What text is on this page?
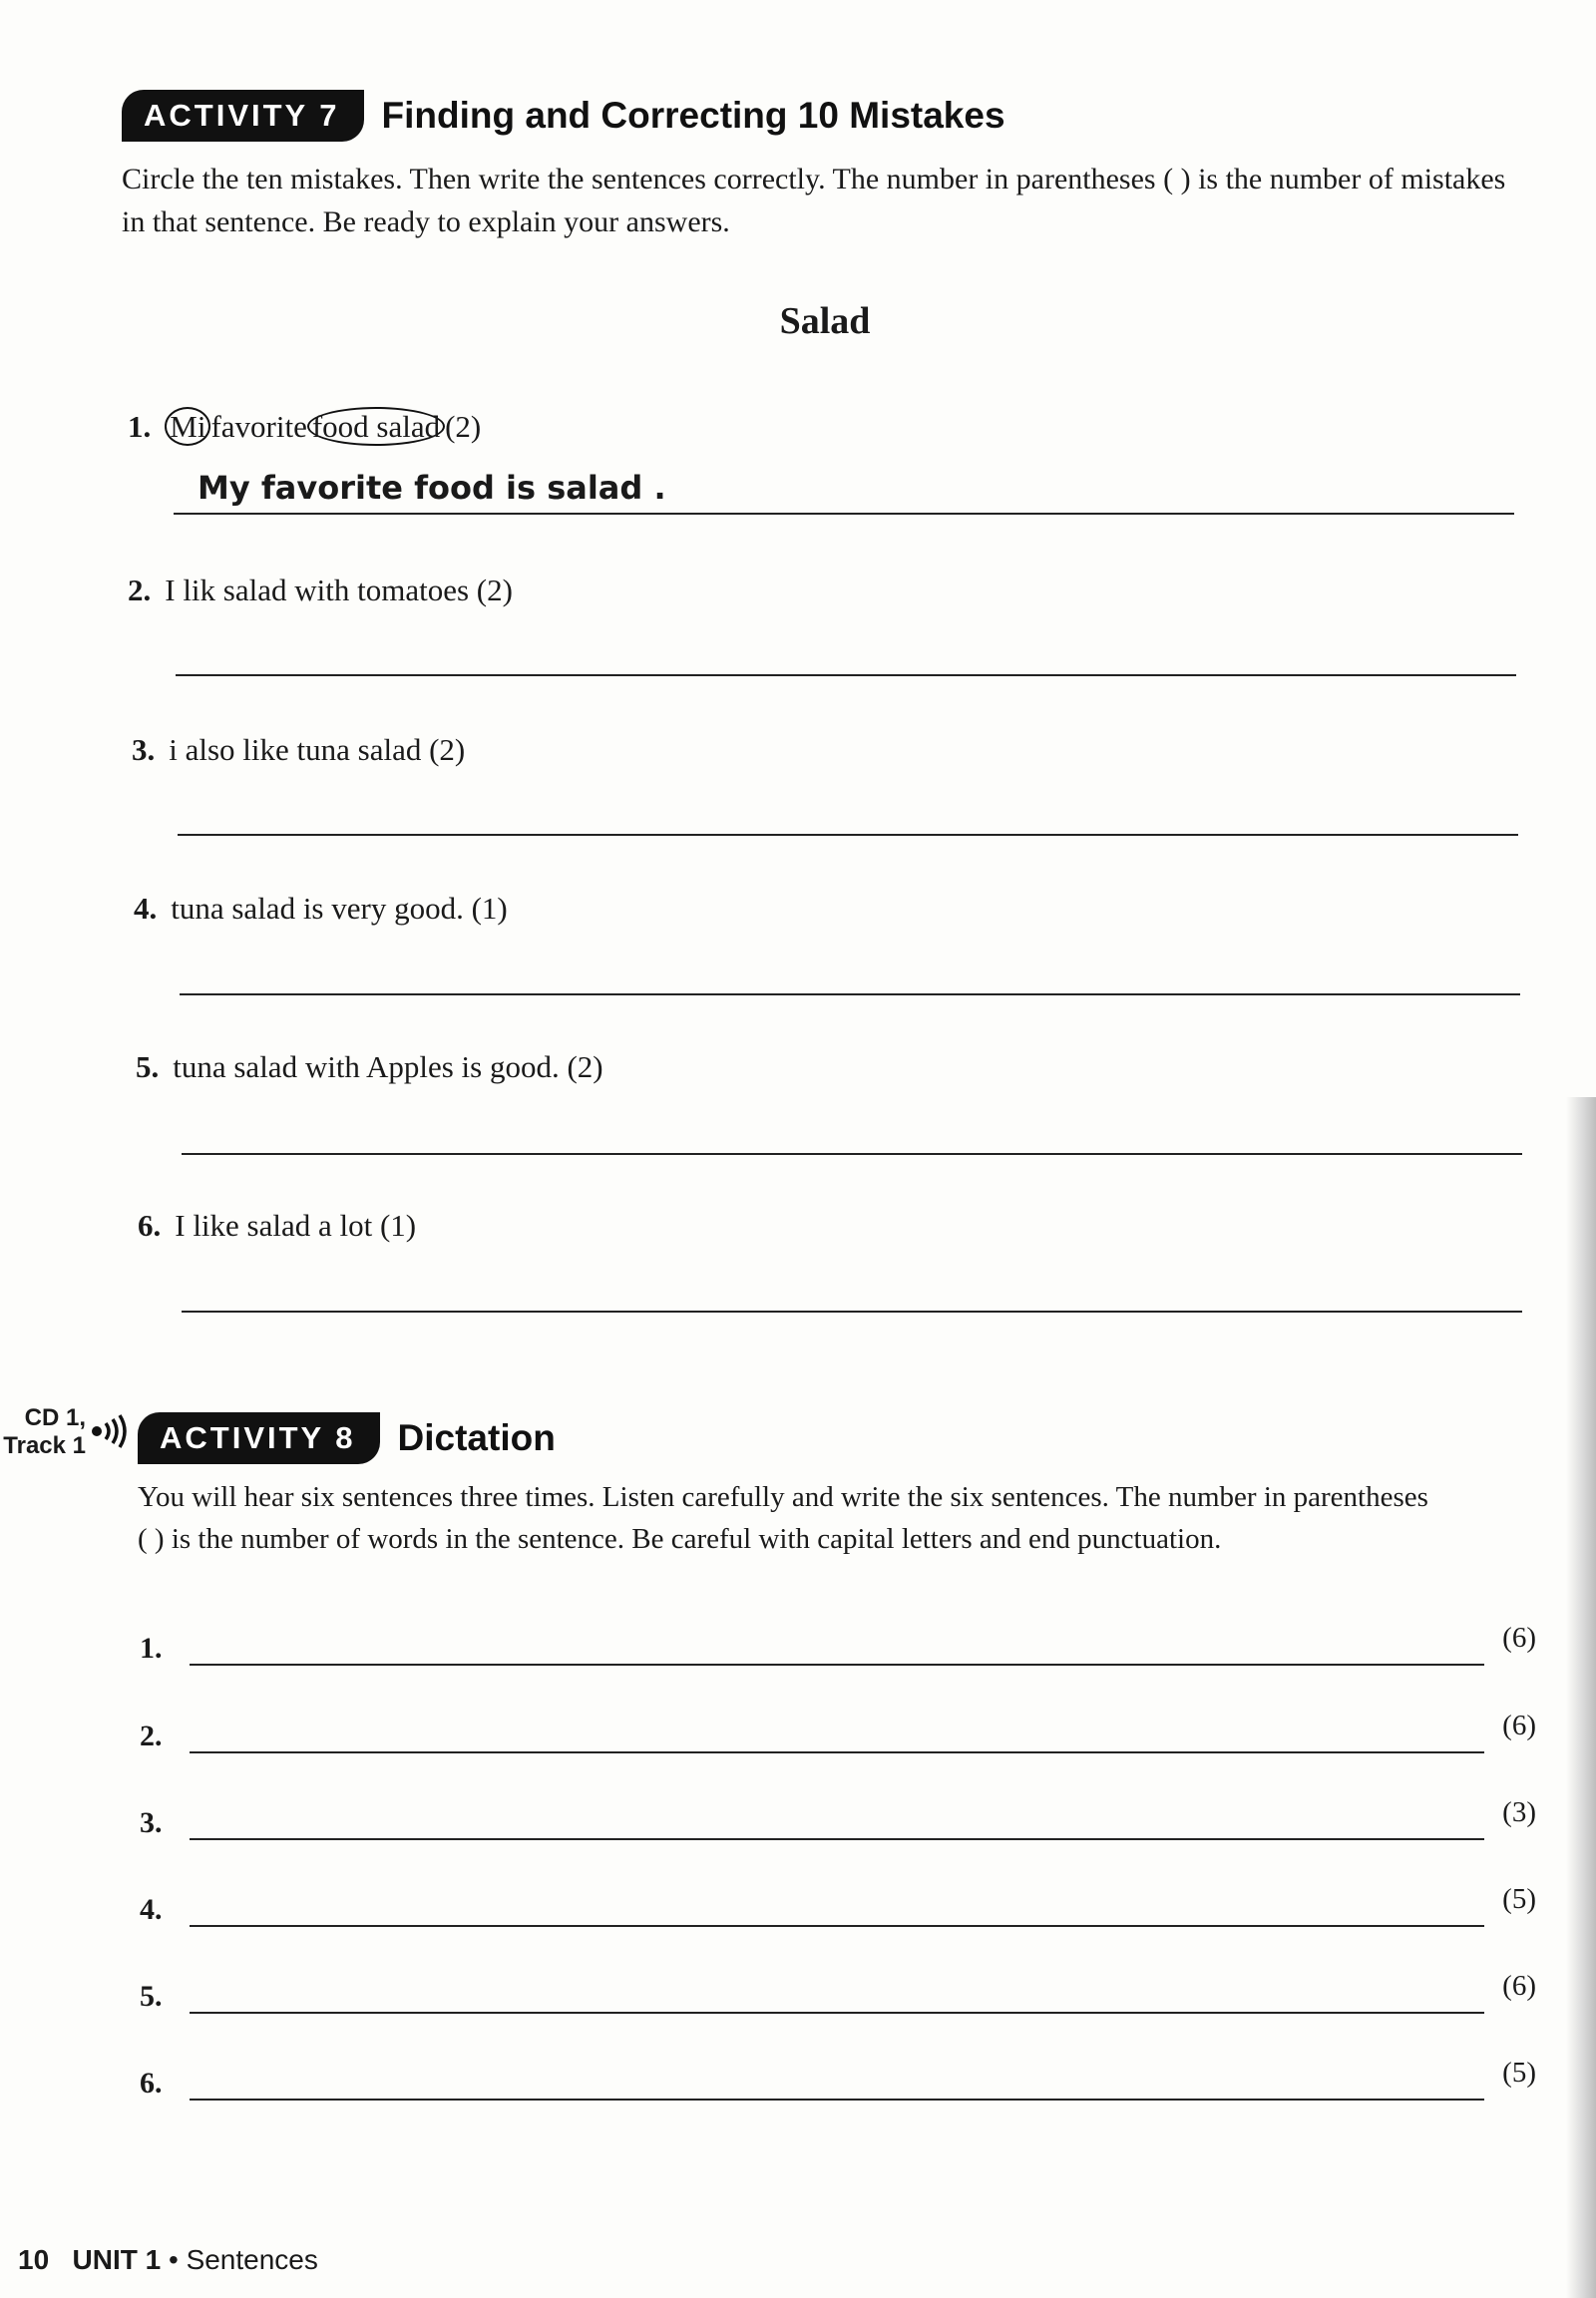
ACTIVITY 7	Finding and Correcting 10 Mistakes
Circle the ten mistakes. Then write the sentences correctly. The number in parentheses ( ) is the number of mistakes in that sentence. Be ready to explain your answers.
Salad
1. Mi favorite food salad (2)
My favorite food is salad .
2. I lik salad with tomatoes (2)
3. i also like tuna salad (2)
4. tuna salad is very good. (1)
5. tuna salad with Apples is good. (2)
6. I like salad a lot (1)
CD 1,
Track 1	ACTIVITY 8	Dictation
You will hear six sentences three times. Listen carefully and write the six sentences. The number in parentheses ( ) is the number of words in the sentence. Be careful with capital letters and end punctuation.
1.	(6)
2.	(6)
3.	(3)
4.	(5)
5.	(6)
6.	(5)
10 UNIT 1 • Sentences
